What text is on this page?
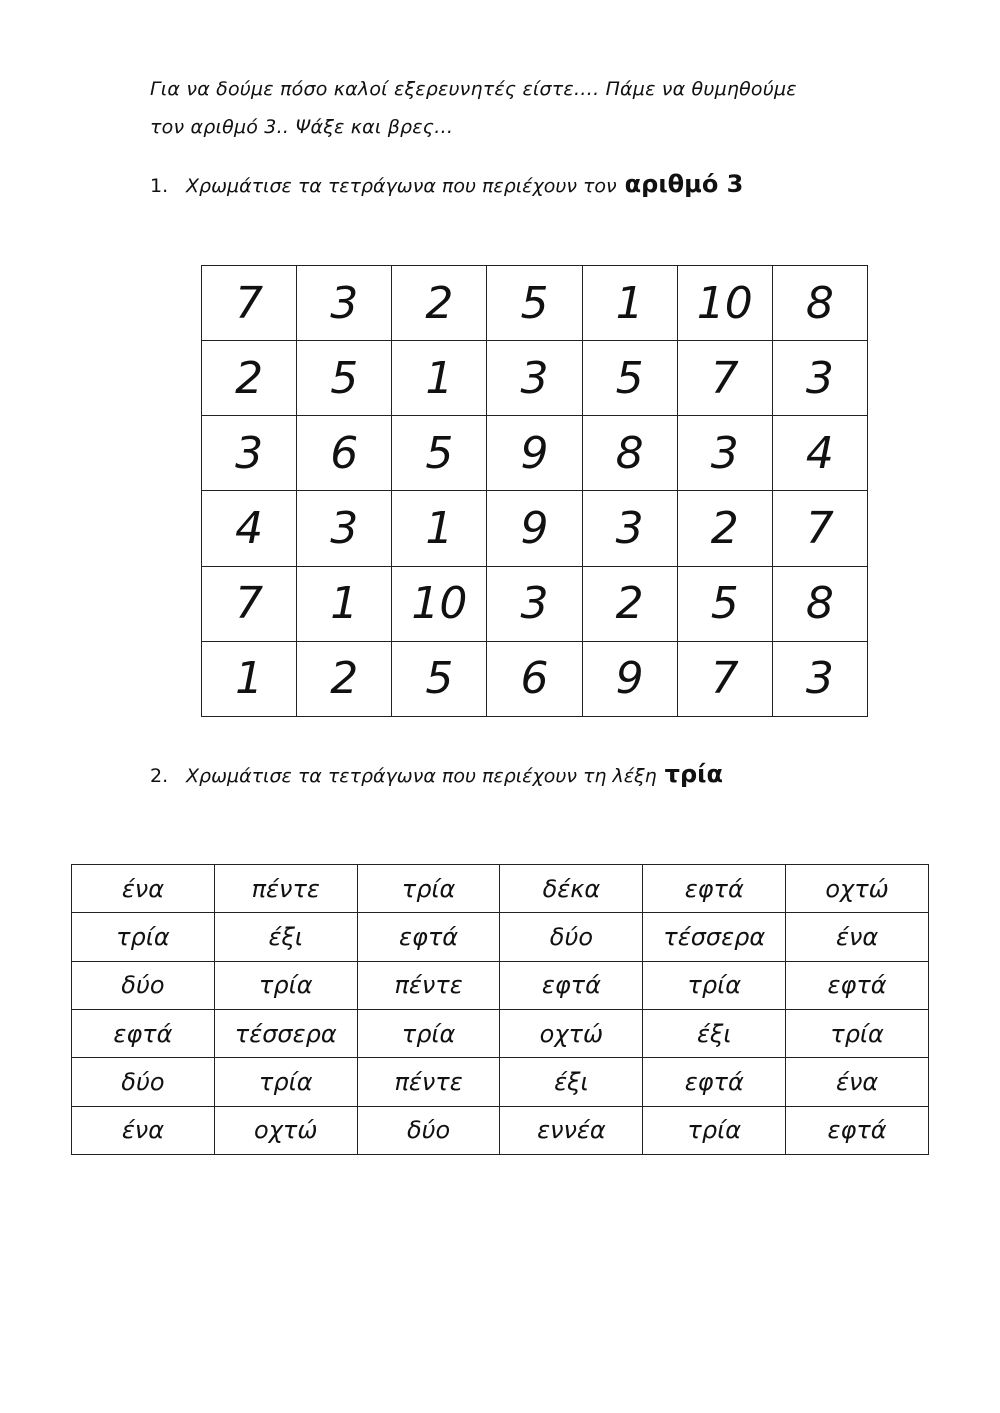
Για να δούμε πόσο καλοί εξερευνητές είστε…. Πάμε να θυμηθούμε
τον αριθμό 3.. Ψάξε και βρες…
1. Χρωμάτισε τα τετράγωνα που περιέχουν τον αριθμό 3
7	3	2	5	1	10	8
2	5	1	3	5	7	3
3	6	5	9	8	3	4
4	3	1	9	3	2	7
7	1	10	3	2	5	8
1	2	5	6	9	7	3
2. Χρωμάτισε τα τετράγωνα που περιέχουν τη λέξη τρία
ένα	πέντε	τρία	δέκα	εφτά	οχτώ
τρία	έξι	εφτά	δύο	τέσσερα	ένα
δύο	τρία	πέντε	εφτά	τρία	εφτά
εφτά	τέσσερα	τρία	οχτώ	έξι	τρία
δύο	τρία	πέντε	έξι	εφτά	ένα
ένα	οχτώ	δύο	εννέα	τρία	εφτά
